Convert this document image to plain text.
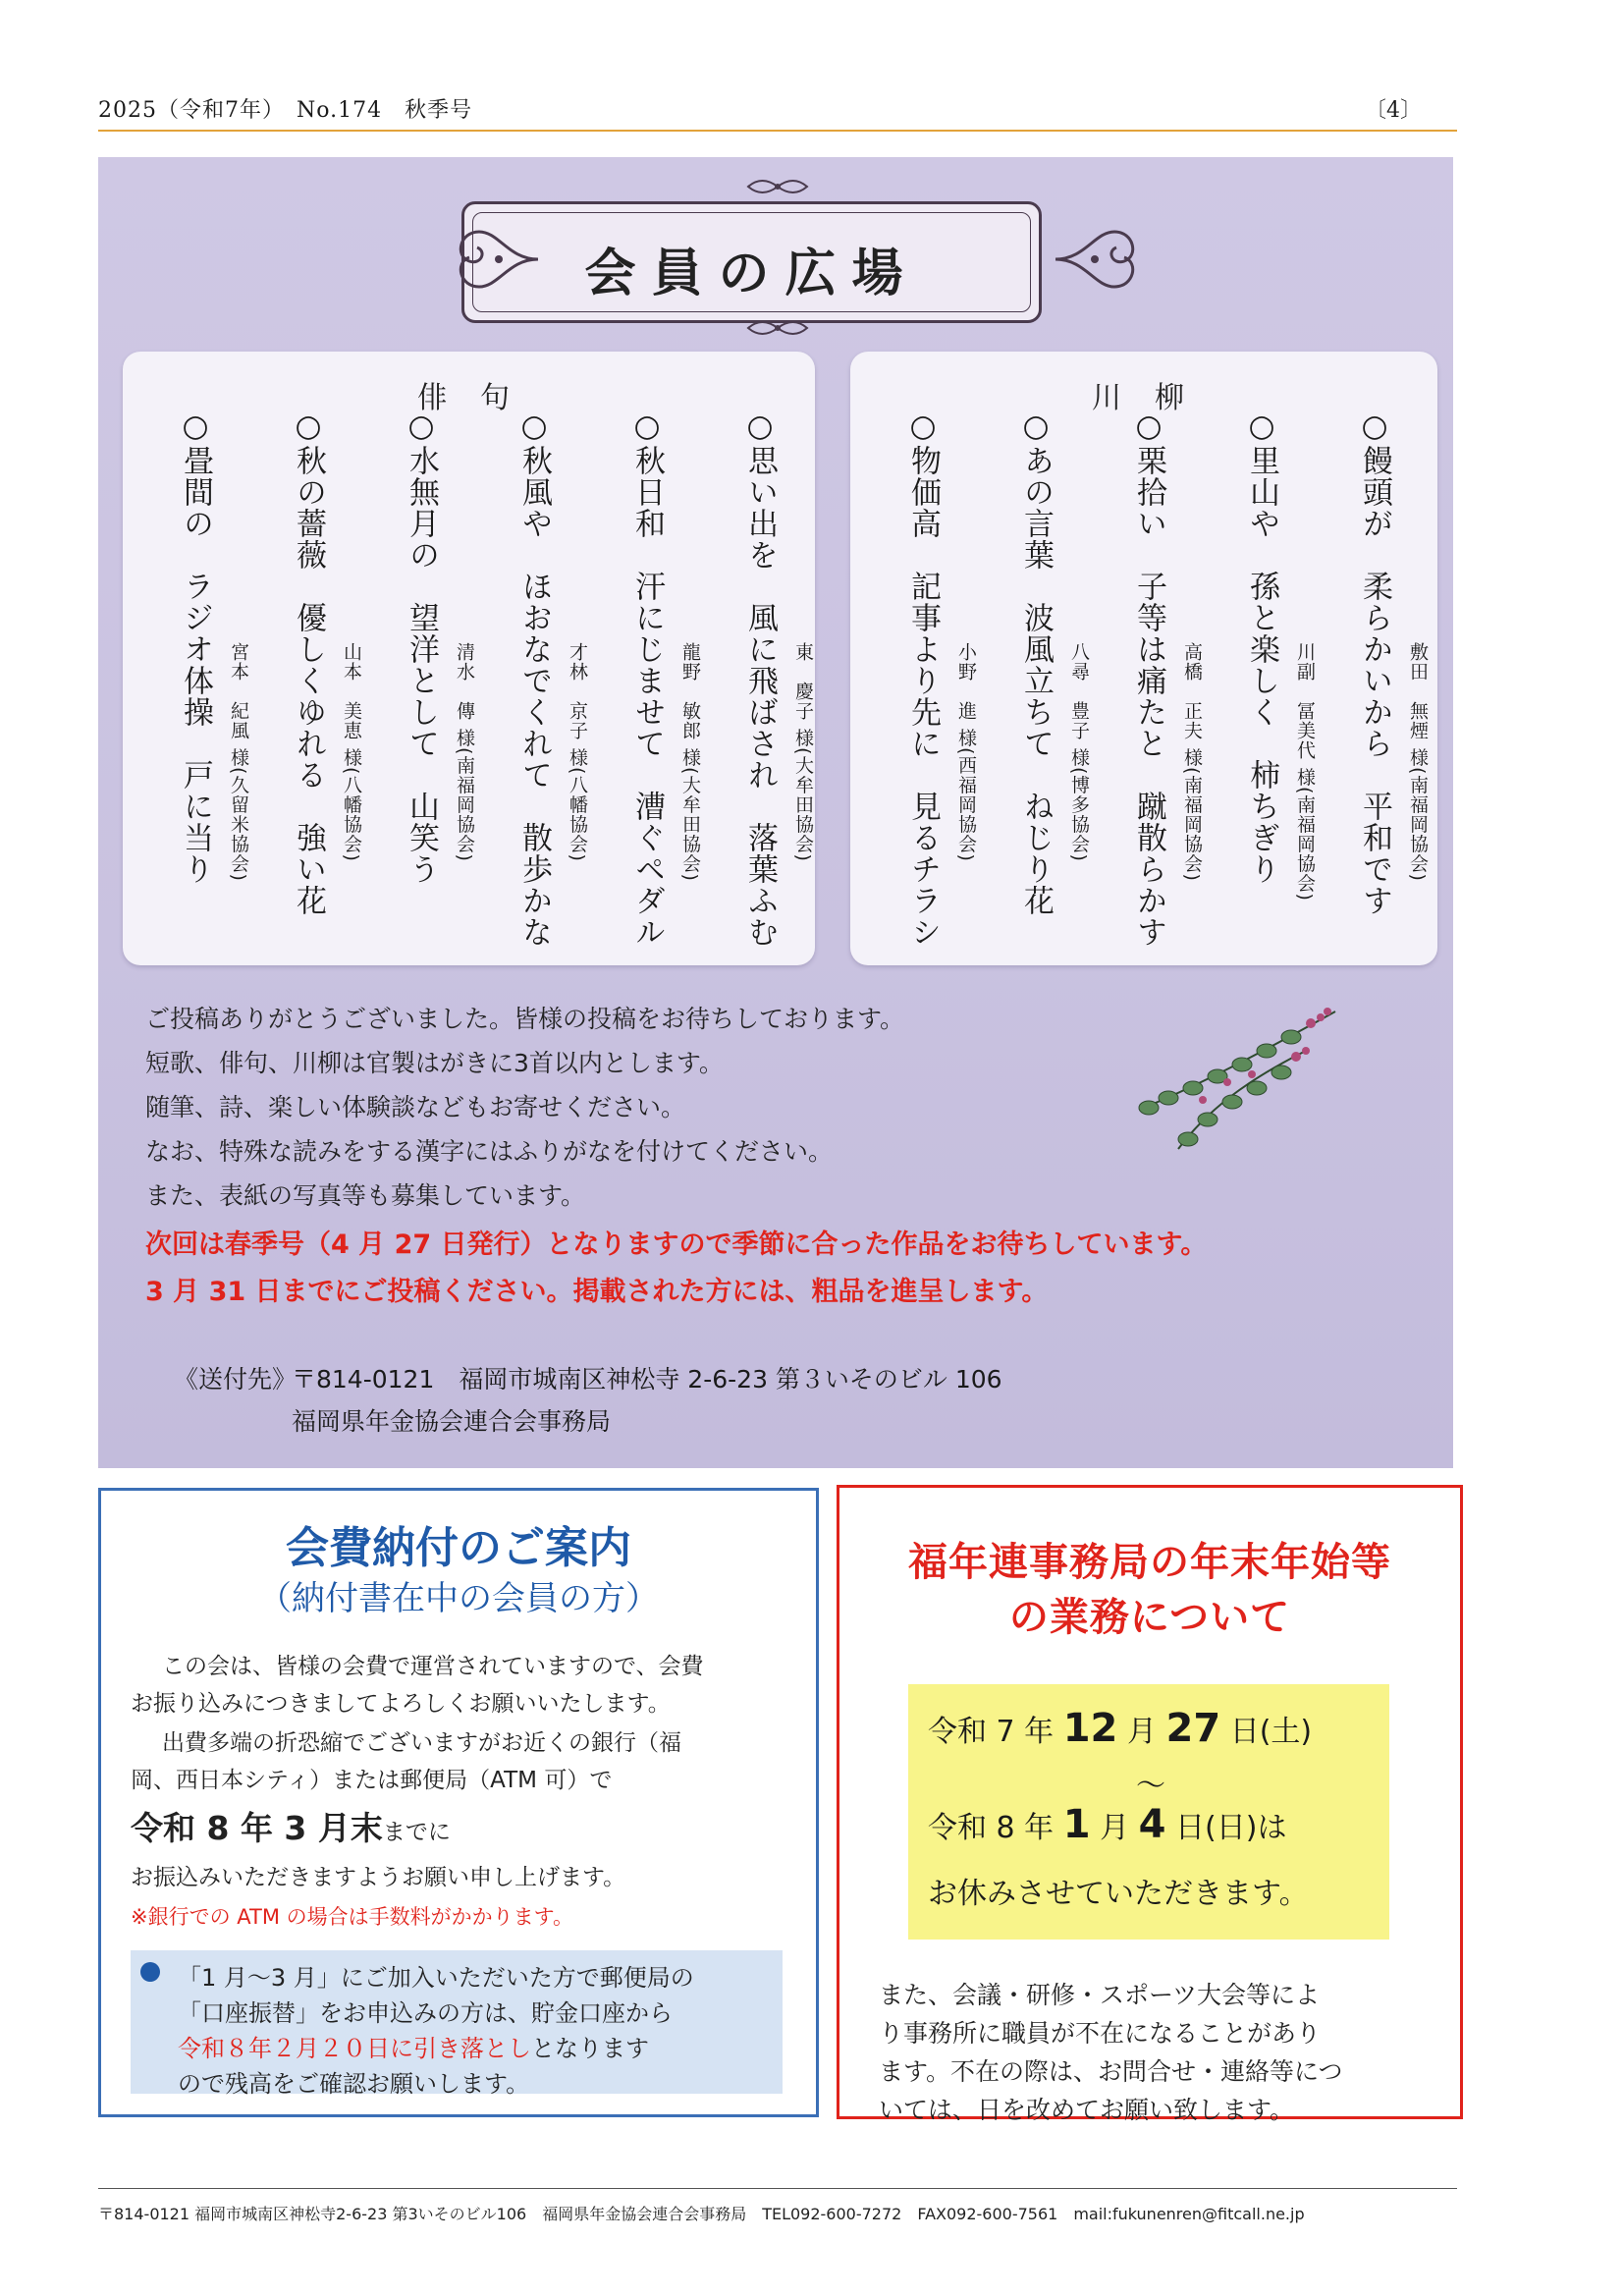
2025（令和7年）　No.174　秋季号	〔4〕
会員の広場
俳句
○思い出を　風に飛ばされ　落葉ふむ 東　慶子 様(大牟田協会)
○秋日和　汗にじませて　漕ぐペダル 龍野　敏郎 様(大牟田協会)
○秋風や　ほおなでくれて　散歩かな 才林　京子 様(八幡協会)
○水無月の　望洋として　山笑う 清水　傳 様(南福岡協会)
○秋の薔薇　優しくゆれる　強い花 山本　美恵 様(八幡協会)
○畳間の　ラジオ体操　戸に当り 宮本　紀風 様(久留米協会)
川柳
○饅頭が　柔らかいから　平和です 敷田　無煙 様(南福岡協会)
○里山や　孫と楽しく　柿ちぎり 川副　冨美代 様(南福岡協会)
○栗拾い　子等は痛たと　蹴散らかす 高橋　正夫 様(南福岡協会)
○あの言葉　波風立ちて　ねじり花 八尋　豊子 様(博多協会)
○物価高　記事より先に　見るチラシ 小野　進 様(西福岡協会)
ご投稿ありがとうございました。皆様の投稿をお待ちしております。
短歌、俳句、川柳は官製はがきに3首以内とします。
随筆、詩、楽しい体験談などもお寄せください。
なお、特殊な読みをする漢字にはふりがなを付けてください。
また、表紙の写真等も募集しています。
次回は春季号（4 月 27 日発行）となりますので季節に合った作品をお待ちしています。
3 月 31 日までにご投稿ください。掲載された方には、粗品を進呈します。
《送付先》
〒814-0121　福岡市城南区神松寺 2-6-23 第３いそのビル 106
福岡県年金協会連合会事務局
会費納付のご案内
（納付書在中の会員の方）
この会は、皆様の会費で運営されていますので、会費
お振り込みにつきましてよろしくお願いいたします。
出費多端の折恐縮でございますがお近くの銀行（福
岡、西日本シティ）または郵便局（ATM 可）で
令和 8 年 3 月末までに
お振込みいただきますようお願い申し上げます。
※銀行での ATM の場合は手数料がかかります。
「1 月～3 月」にご加入いただいた方で郵便局の
「口座振替」をお申込みの方は、貯金口座から
令和８年２月２０日に引き落としとなります
ので残高をご確認お願いします。
福年連事務局の年末年始等
の業務について
令和 7 年 12 月 27 日(土)
～
令和 8 年 1 月 4 日(日)は
お休みさせていただきます。
また、会議・研修・スポーツ大会等によ
り事務所に職員が不在になることがあり
ます。不在の際は、お問合せ・連絡等につ
いては、日を改めてお願い致します。
〒814-0121 福岡市城南区神松寺2-6-23 第3いそのビル106　福岡県年金協会連合会事務局　TEL092-600-7272　FAX092-600-7561　mail:fukunenren@fitcall.ne.jp
